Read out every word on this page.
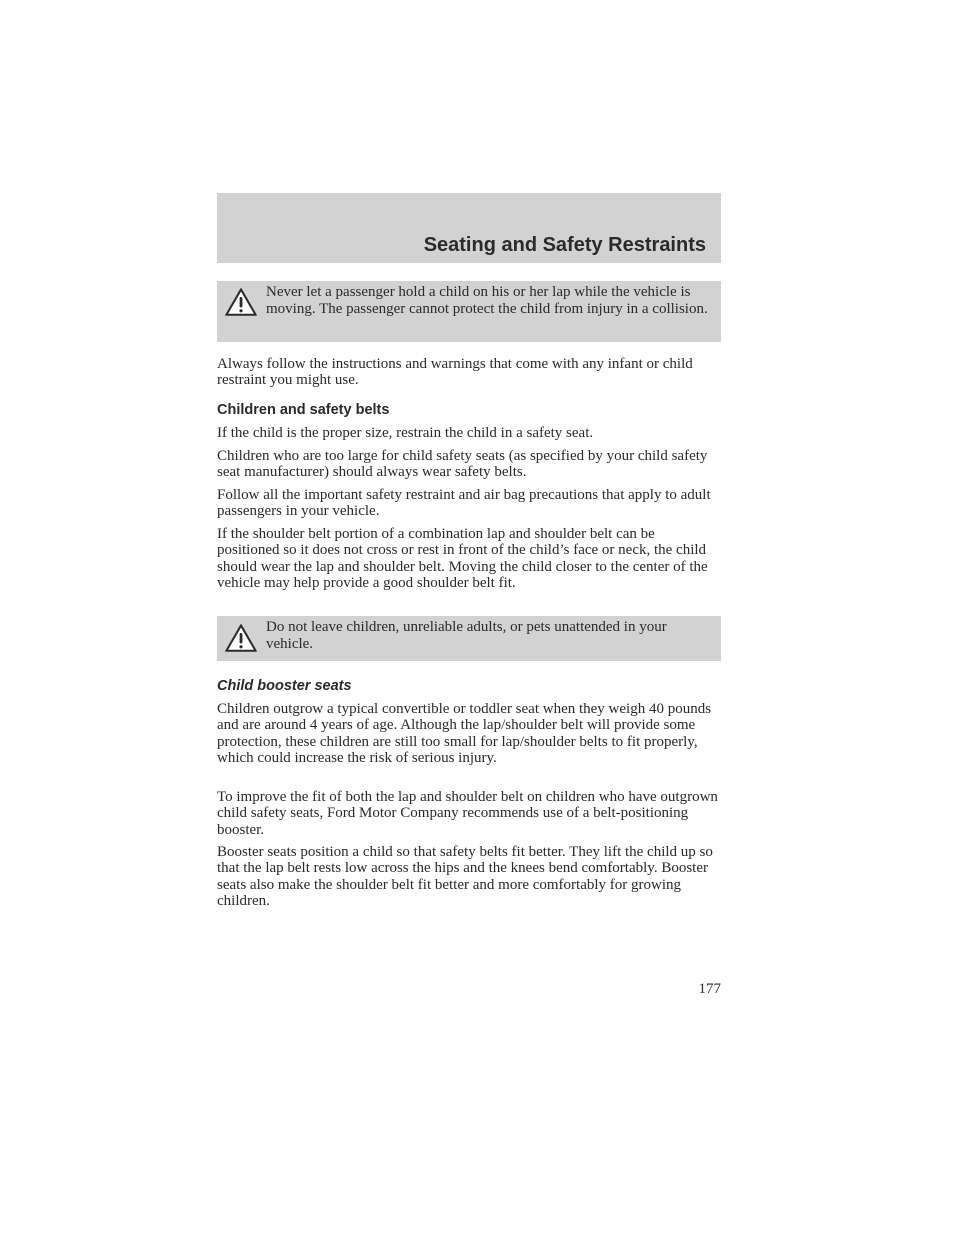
Seating and Safety Restraints
Never let a passenger hold a child on his or her lap while the vehicle is moving. The passenger cannot protect the child from injury in a collision.
Always follow the instructions and warnings that come with any infant or child restraint you might use.
Children and safety belts
If the child is the proper size, restrain the child in a safety seat.
Children who are too large for child safety seats (as specified by your child safety seat manufacturer) should always wear safety belts.
Follow all the important safety restraint and air bag precautions that apply to adult passengers in your vehicle.
If the shoulder belt portion of a combination lap and shoulder belt can be positioned so it does not cross or rest in front of the child’s face or neck, the child should wear the lap and shoulder belt. Moving the child closer to the center of the vehicle may help provide a good shoulder belt fit.
Do not leave children, unreliable adults, or pets unattended in your vehicle.
Child booster seats
Children outgrow a typical convertible or toddler seat when they weigh 40 pounds and are around 4 years of age. Although the lap/shoulder belt will provide some protection, these children are still too small for lap/shoulder belts to fit properly, which could increase the risk of serious injury.
To improve the fit of both the lap and shoulder belt on children who have outgrown child safety seats, Ford Motor Company recommends use of a belt-positioning booster.
Booster seats position a child so that safety belts fit better. They lift the child up so that the lap belt rests low across the hips and the knees bend comfortably. Booster seats also make the shoulder belt fit better and more comfortably for growing children.
177
